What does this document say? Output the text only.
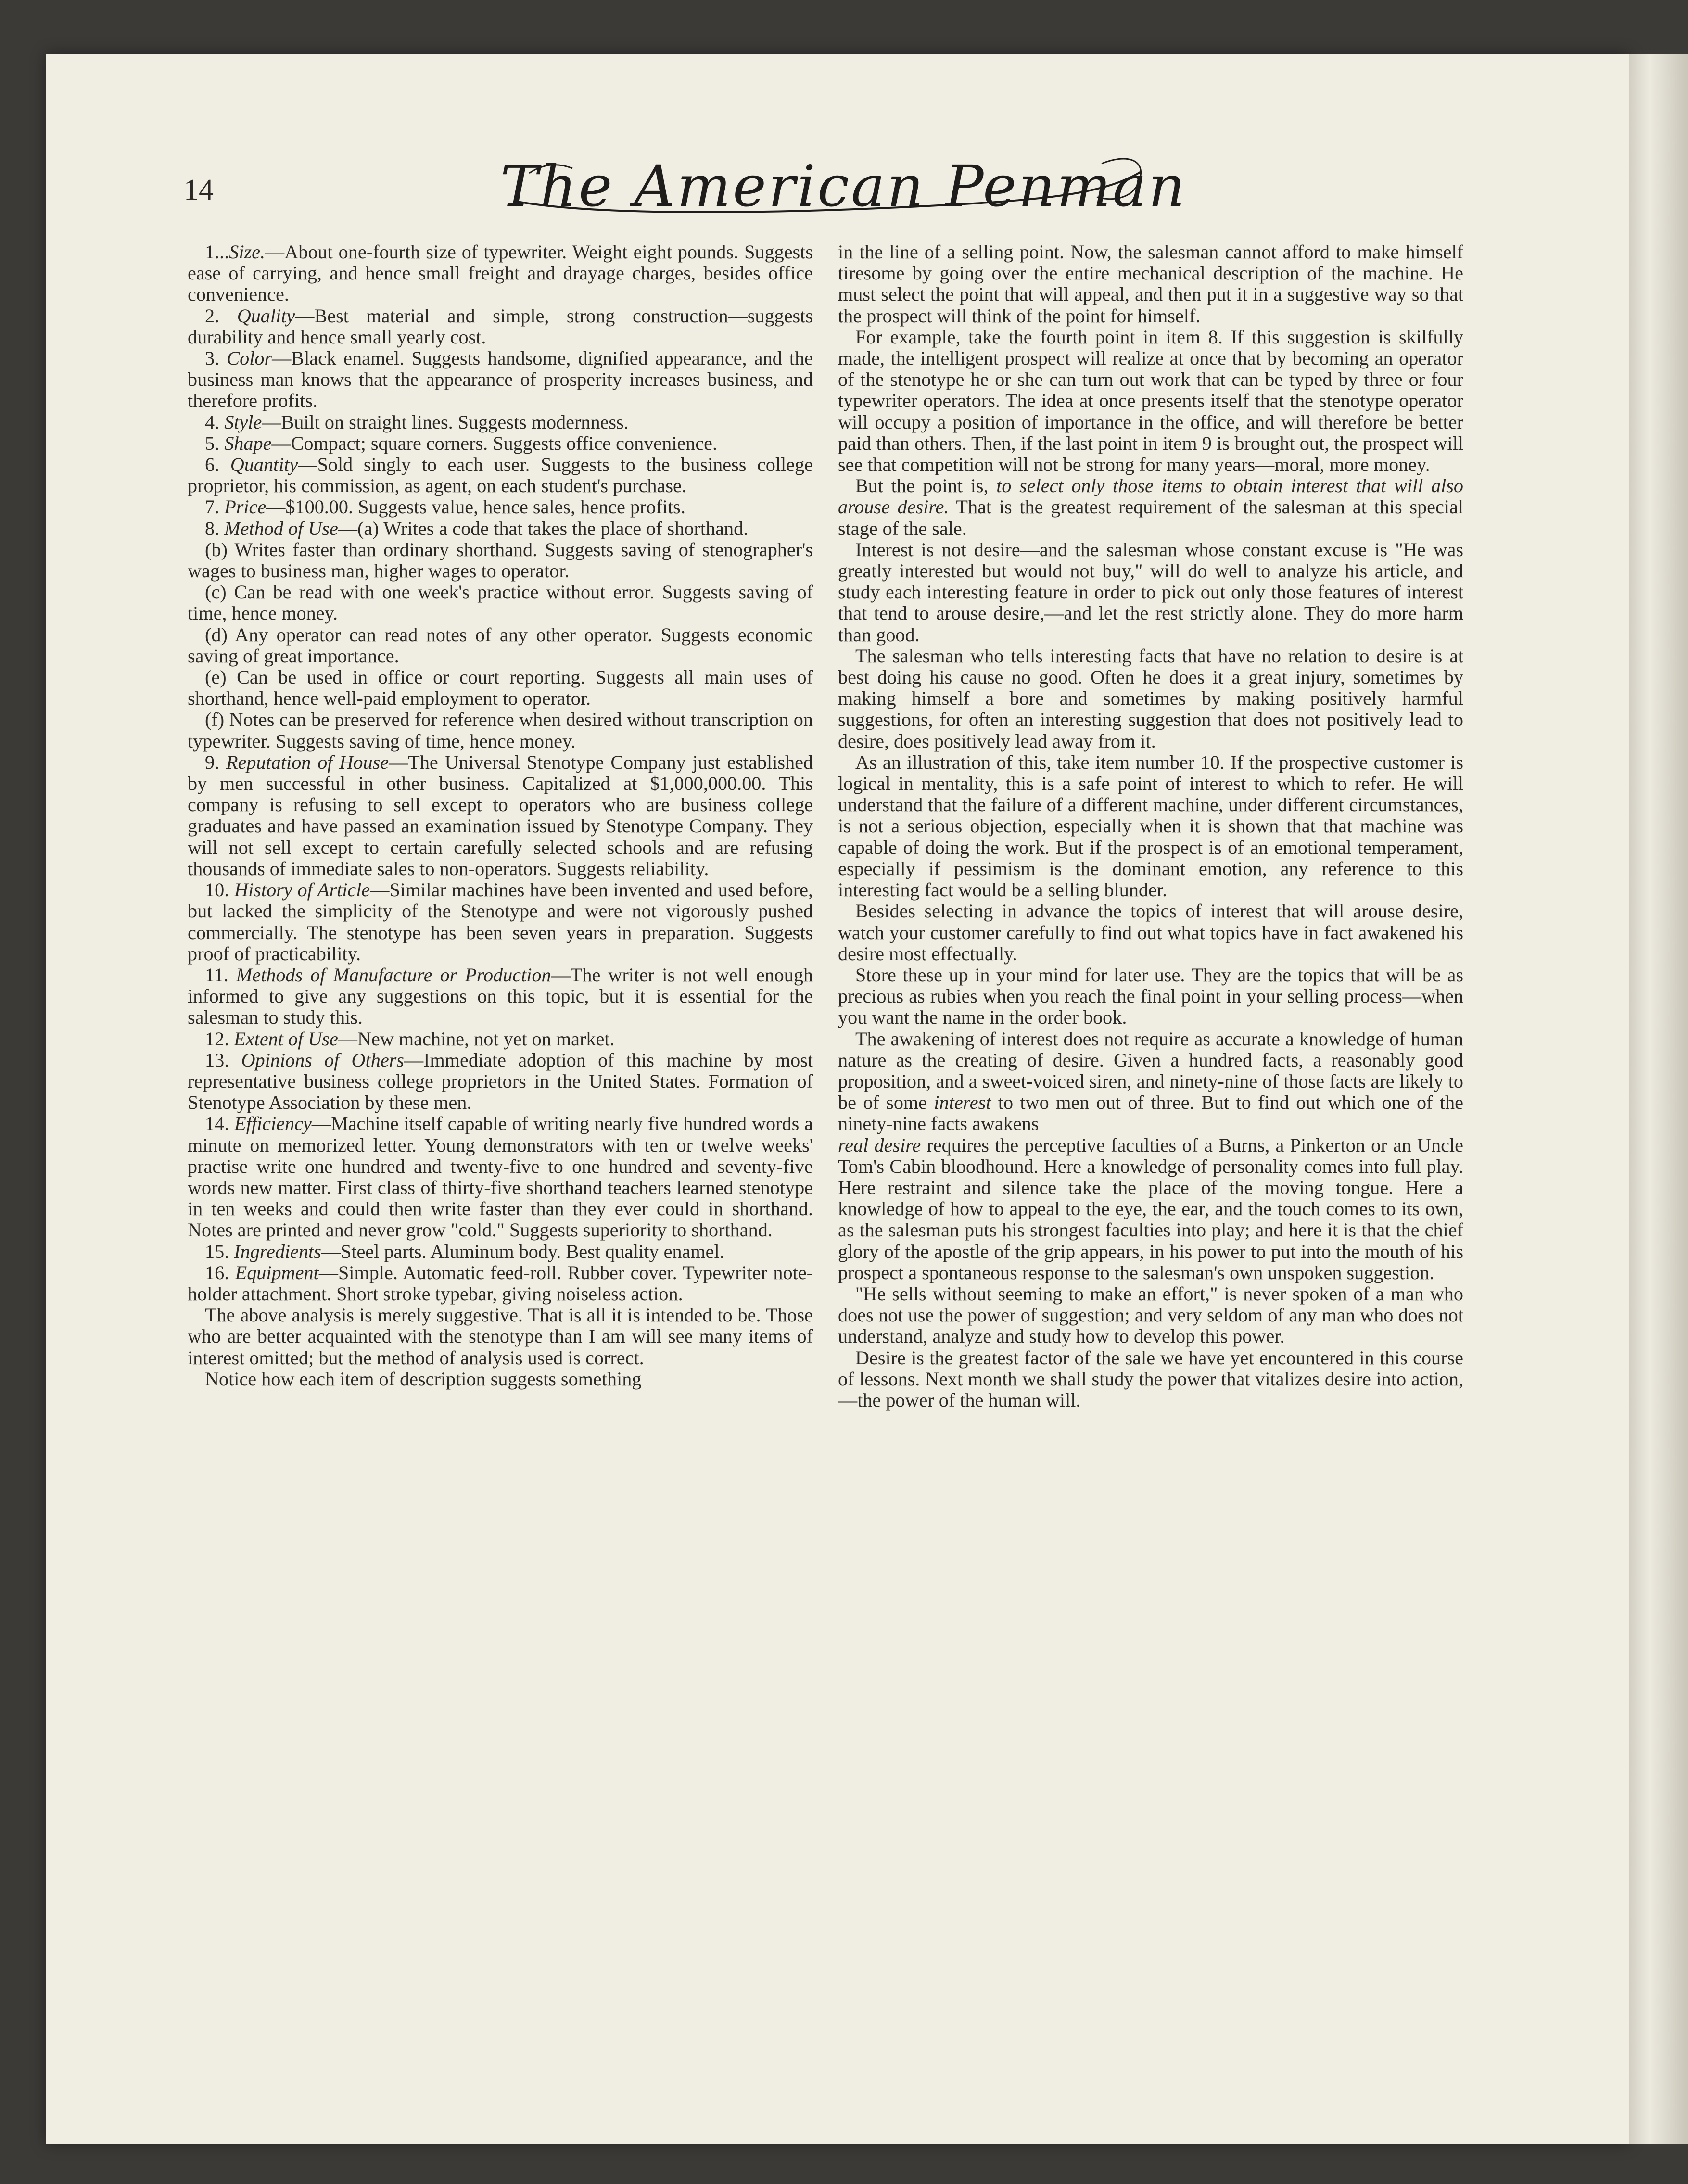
14	The American Penman

1...Size.—About one-fourth size of typewriter. Weight eight pounds. Suggests ease of carrying, and hence small freight and drayage charges, besides office convenience.

2. Quality—Best material and simple, strong construction—suggests durability and hence small yearly cost.

3. Color—Black enamel. Suggests handsome, dignified appearance, and the business man knows that the appearance of prosperity increases business, and therefore profits.

4. Style—Built on straight lines. Suggests modernness.

5. Shape—Compact; square corners. Suggests office convenience.

6. Quantity—Sold singly to each user. Suggests to the business college proprietor, his commission, as agent, on each student's purchase.

7. Price—$100.00. Suggests value, hence sales, hence profits.

8. Method of Use—(a) Writes a code that takes the place of shorthand.

(b) Writes faster than ordinary shorthand. Suggests saving of stenographer's wages to business man, higher wages to operator.

(c) Can be read with one week's practice without error. Suggests saving of time, hence money.

(d) Any operator can read notes of any other operator. Suggests economic saving of great importance.

(e) Can be used in office or court reporting. Suggests all main uses of shorthand, hence well-paid employment to operator.

(f) Notes can be preserved for reference when desired without transcription on typewriter. Suggests saving of time, hence money.

9. Reputation of House—The Universal Stenotype Company just established by men successful in other business. Capitalized at $1,000,000.00. This company is refusing to sell except to operators who are business college graduates and have passed an examination issued by Stenotype Company. They will not sell except to certain carefully selected schools and are refusing thousands of immediate sales to non-operators. Suggests reliability.

10. History of Article—Similar machines have been invented and used before, but lacked the simplicity of the Stenotype and were not vigorously pushed commercially. The stenotype has been seven years in preparation. Suggests proof of practicability.

11. Methods of Manufacture or Production—The writer is not well enough informed to give any suggestions on this topic, but it is essential for the salesman to study this.

12. Extent of Use—New machine, not yet on market.

13. Opinions of Others—Immediate adoption of this machine by most representative business college proprietors in the United States. Formation of Stenotype Association by these men.

14. Efficiency—Machine itself capable of writing nearly five hundred words a minute on memorized letter. Young demonstrators with ten or twelve weeks' practise write one hundred and twenty-five to one hundred and seventy-five words new matter. First class of thirty-five shorthand teachers learned stenotype in ten weeks and could then write faster than they ever could in shorthand. Notes are printed and never grow "cold." Suggests superiority to shorthand.

15. Ingredients—Steel parts. Aluminum body. Best quality enamel.

16. Equipment—Simple. Automatic feed-roll. Rubber cover. Typewriter note-holder attachment. Short stroke typebar, giving noiseless action.

The above analysis is merely suggestive. That is all it is intended to be. Those who are better acquainted with the stenotype than I am will see many items of interest omitted; but the method of analysis used is correct.

Notice how each item of description suggests something

in the line of a selling point. Now, the salesman cannot afford to make himself tiresome by going over the entire mechanical description of the machine. He must select the point that will appeal, and then put it in a suggestive way so that the prospect will think of the point for himself.

For example, take the fourth point in item 8. If this suggestion is skilfully made, the intelligent prospect will realize at once that by becoming an operator of the stenotype he or she can turn out work that can be typed by three or four typewriter operators. The idea at once presents itself that the stenotype operator will occupy a position of importance in the office, and will therefore be better paid than others. Then, if the last point in item 9 is brought out, the prospect will see that competition will not be strong for many years—moral, more money.

But the point is, to select only those items to obtain interest that will also arouse desire. That is the greatest requirement of the salesman at this special stage of the sale.

Interest is not desire—and the salesman whose constant excuse is "He was greatly interested but would not buy," will do well to analyze his article, and study each interesting feature in order to pick out only those features of interest that tend to arouse desire,—and let the rest strictly alone. They do more harm than good.

The salesman who tells interesting facts that have no relation to desire is at best doing his cause no good. Often he does it a great injury, sometimes by making himself a bore and sometimes by making positively harmful suggestions, for often an interesting suggestion that does not positively lead to desire, does positively lead away from it.

As an illustration of this, take item number 10. If the prospective customer is logical in mentality, this is a safe point of interest to which to refer. He will understand that the failure of a different machine, under different circumstances, is not a serious objection, especially when it is shown that that machine was capable of doing the work. But if the prospect is of an emotional temperament, especially if pessimism is the dominant emotion, any reference to this interesting fact would be a selling blunder.

Besides selecting in advance the topics of interest that will arouse desire, watch your customer carefully to find out what topics have in fact awakened his desire most effectually.

Store these up in your mind for later use. They are the topics that will be as precious as rubies when you reach the final point in your selling process—when you want the name in the order book.

The awakening of interest does not require as accurate a knowledge of human nature as the creating of desire. Given a hundred facts, a reasonably good proposition, and a sweet-voiced siren, and ninety-nine of those facts are likely to be of some interest to two men out of three. But to find out which one of the ninety-nine facts awakens

real desire requires the perceptive faculties of a Burns, a Pinkerton or an Uncle Tom's Cabin bloodhound. Here a knowledge of personality comes into full play. Here restraint and silence take the place of the moving tongue. Here a knowledge of how to appeal to the eye, the ear, and the touch comes to its own, as the salesman puts his strongest faculties into play; and here it is that the chief glory of the apostle of the grip appears, in his power to put into the mouth of his prospect a spontaneous response to the salesman's own unspoken suggestion.

"He sells without seeming to make an effort," is never spoken of a man who does not use the power of suggestion; and very seldom of any man who does not understand, analyze and study how to develop this power.

Desire is the greatest factor of the sale we have yet encountered in this course of lessons. Next month we shall study the power that vitalizes desire into action,—the power of the human will.
